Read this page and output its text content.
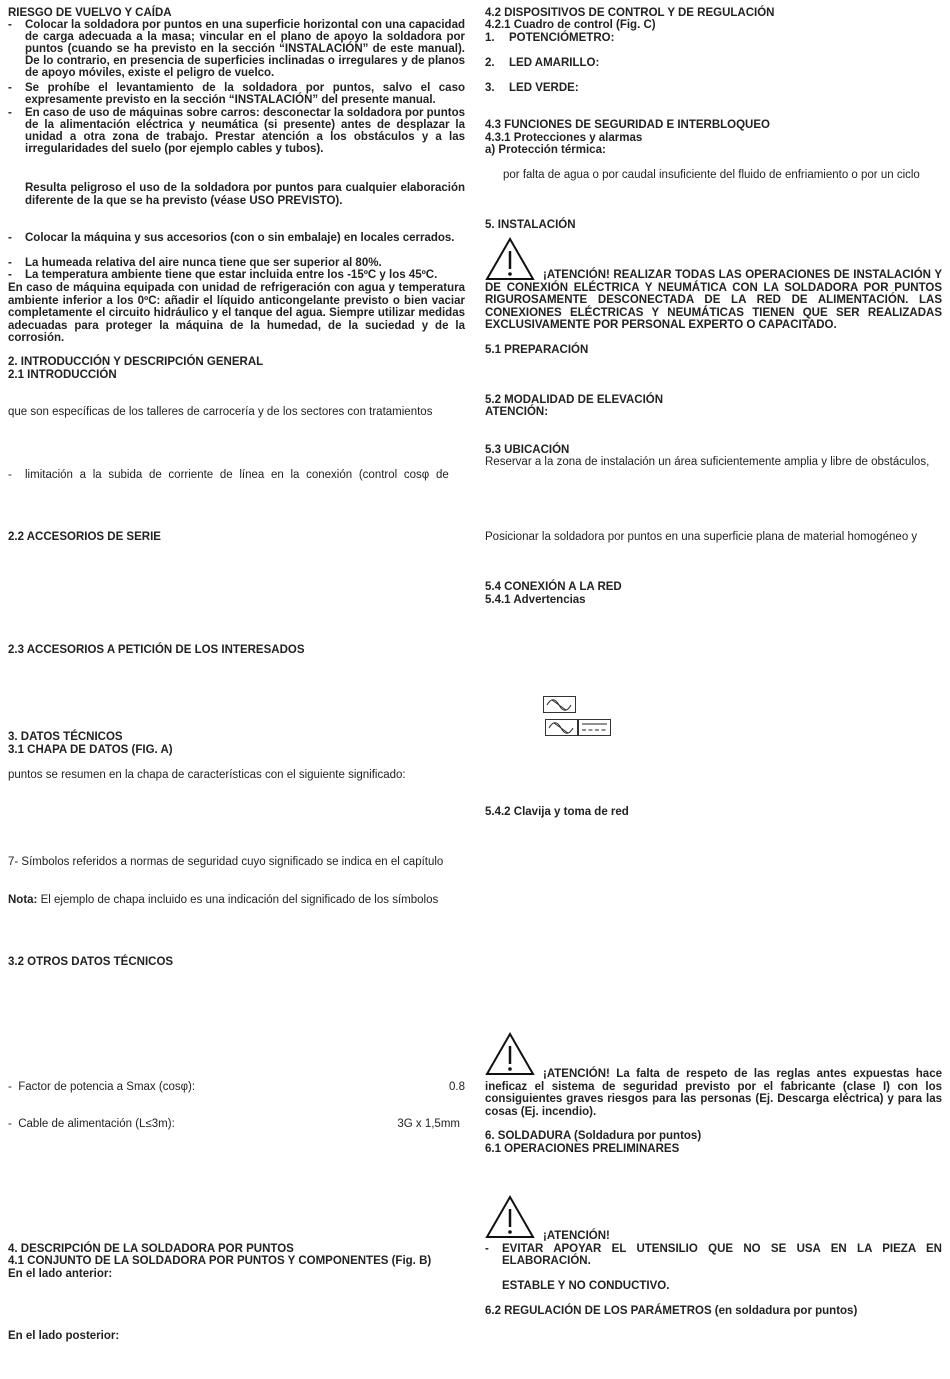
RIESGO DE VUELVO Y CAÍDA
-	Colocar la soldadora por puntos en una superficie horizontal con una capacidad de carga adecuada a la masa; vincular en el plano de apoyo la soldadora por puntos (cuando se ha previsto en la sección “INSTALACIÓN” de este manual). De lo contrario, en presencia de superficies inclinadas o irregulares y de planos de apoyo móviles, existe el peligro de vuelco.
-	Se prohíbe el levantamiento de la soldadora por puntos, salvo el caso expresamente previsto en la sección “INSTALACIÓN” del presente manual.
-	En caso de uso de máquinas sobre carros: desconectar la soldadora por puntos de la alimentación eléctrica y neumática (si presente) antes de desplazar la unidad a otra zona de trabajo. Prestar atención a los obstáculos y a las irregularidades del suelo (por ejemplo cables y tubos).
Resulta peligroso el uso de la soldadora por puntos para cualquier elaboración diferente de la que se ha previsto (véase USO PREVISTO).
-	Colocar la máquina y sus accesorios (con o sin embalaje) en locales cerrados.
-	La humeada relativa del aire nunca tiene que ser superior al 80%.
-	La temperatura ambiente tiene que estar incluida entre los -15ºC y los 45ºC.
En caso de máquina equipada con unidad de refrigeración con agua y temperatura ambiente inferior a los 0ºC: añadir el líquido anticongelante previsto o bien vaciar completamente el circuito hidráulico y el tanque del agua. Siempre utilizar medidas adecuadas para proteger la máquina de la humedad, de la suciedad y de la corrosión.
2. INTRODUCCIÓN Y DESCRIPCIÓN GENERAL
2.1 INTRODUCCIÓN
que son específicas de los talleres de carrocería y de los sectores con tratamientos
-	limitación a la subida de corriente de línea en la conexión (control cosφ de
2.2 ACCESORIOS DE SERIE
2.3 ACCESORIOS A PETICIÓN DE LOS INTERESADOS
3. DATOS TÉCNICOS
3.1 CHAPA DE DATOS (FIG. A)
puntos se resumen en la chapa de características con el siguiente significado:
7- Símbolos referidos a normas de seguridad cuyo significado se indica en el capítulo
Nota: El ejemplo de chapa incluido es una indicación del significado de los símbolos
3.2 OTROS DATOS TÉCNICOS
-  Factor de potencia a Smax (cosφ):	0.8
-  Cable de alimentación (L≤3m):	3G x 1,5mm
4. DESCRIPCIÓN DE LA SOLDADORA POR PUNTOS
4.1 CONJUNTO DE LA SOLDADORA POR PUNTOS Y COMPONENTES (Fig. B)
En el lado anterior:
En el lado posterior:
4.2 DISPOSITIVOS DE CONTROL Y DE REGULACIÓN
4.2.1 Cuadro de control (Fig. C)
1.	POTENCIÓMETRO:
2.	LED AMARILLO:
3.	LED VERDE:
4.3 FUNCIONES DE SEGURIDAD E INTERBLOQUEO
4.3.1 Protecciones y alarmas
a) Protección térmica:
por falta de agua o por caudal insuficiente del fluido de enfriamiento o por un ciclo
5. INSTALACIÓN
¡ATENCIÓN! REALIZAR TODAS LAS OPERACIONES DE INSTALACIÓN Y DE CONEXIÓN ELÉCTRICA Y NEUMÁTICA CON LA SOLDADORA POR PUNTOS RIGUROSAMENTE DESCONECTADA DE LA RED DE ALIMENTACIÓN. LAS CONEXIONES ELÉCTRICAS Y NEUMÁTICAS TIENEN QUE SER REALIZADAS EXCLUSIVAMENTE POR PERSONAL EXPERTO O CAPACITADO.
5.1 PREPARACIÓN
5.2 MODALIDAD DE ELEVACIÓN
ATENCIÓN:
5.3 UBICACIÓN
Reservar a la zona de instalación un área suficientemente amplia y libre de obstáculos,
Posicionar la soldadora por puntos en una superficie plana de material homogéneo y
5.4 CONEXIÓN A LA RED
5.4.1 Advertencias
5.4.2 Clavija y toma de red
¡ATENCIÓN! La falta de respeto de las reglas antes expuestas hace ineficaz el sistema de seguridad previsto por el fabricante (clase I) con los consiguientes graves riesgos para las personas (Ej. Descarga eléctrica) y para las cosas (Ej. incendio).
6. SOLDADURA (Soldadura por puntos)
6.1 OPERACIONES PRELIMINARES
¡ATENCIÓN!
-	EVITAR APOYAR EL UTENSILIO QUE NO SE USA EN LA PIEZA EN ELABORACIÓN.
ESTABLE Y NO CONDUCTIVO.
6.2 REGULACIÓN DE LOS PARÁMETROS (en soldadura por puntos)
